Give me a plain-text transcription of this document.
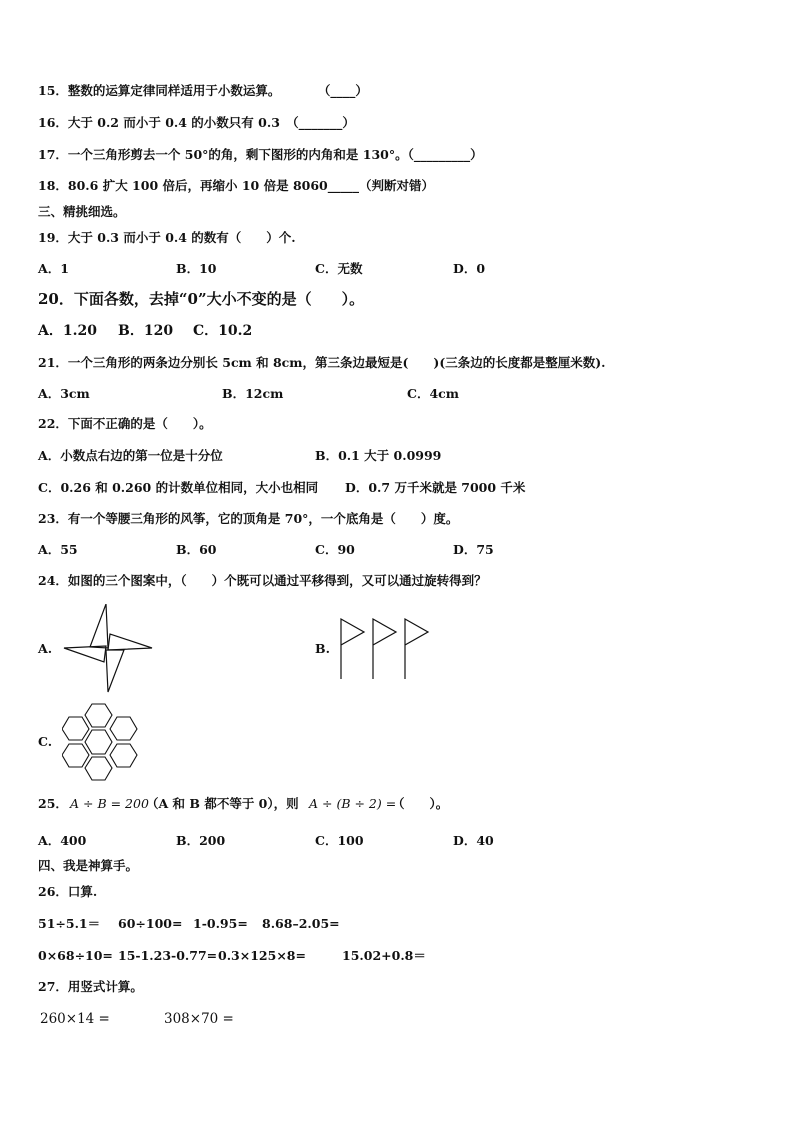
15．整数的运算定律同样适用于小数运算。　　　　（____）
16．大于 0.2 而小于 0.4 的小数只有 0.3　（_______）
17．一个三角形剪去一个 50°的角，剩下图形的内角和是 130°。（_________）
18．80.6 扩大 100 倍后，再缩小 10 倍是 8060_____（判断对错）
三、精挑细选。
19．大于 0.3 而小于 0.4 的数有（　　）个.
A．1	B．10	C．无数	D．0
20．下面各数，去掉“0”大小不变的是（　　）。
A．1.20 B．120 C．10.2
21．一个三角形的两条边分别长 5cm 和 8cm，第三条边最短是(　　)(三条边的长度都是整厘米数).
A．3cm	B．12cm	C．4cm
22．下面不正确的是（　　）。
A．小数点右边的第一位是十分位	B．0.1 大于 0.0999
C．0.26 和 0.260 的计数单位相同，大小也相同 D．0.7 万千米就是 7000 千米
23．有一个等腰三角形的风筝，它的顶角是 70°，一个底角是（　　）度。
A．55	B．60	C．90	D．75
24．如图的三个图案中，（　　）个既可以通过平移得到，又可以通过旋转得到？
A.	B.
C.
25． A ÷ B = 200
（A 和 B 都不等于 0），则 A ÷ (B ÷ 2) =
（　　）。
A．400	B．200	C．100	D．40
四、我是神算手。
26．口算.
51÷5.1＝ 60÷100= 1-0.95= 8.68–2.05=
0×68÷10= 15-1.23-0.77= 0.3×125×8=	15.02+0.8＝
27．用竖式计算。
260×14 =	308×70 =
